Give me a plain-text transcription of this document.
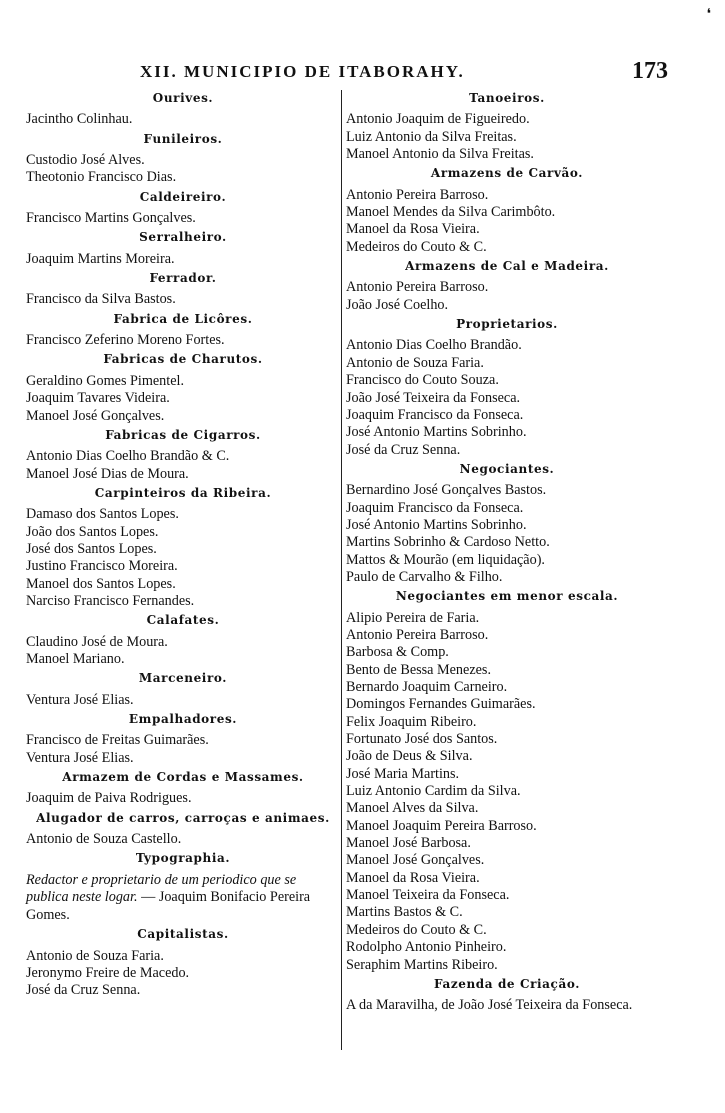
❛
XII. MUNICIPIO DE ITABORAHY.	173
Ourives.
Jacintho Colinhau.
Funileiros.
Custodio José Alves.
Theotonio Francisco Dias.
Caldeireiro.
Francisco Martins Gonçalves.
Serralheiro.
Joaquim Martins Moreira.
Ferrador.
Francisco da Silva Bastos.
Fabrica de Licôres.
Francisco Zeferino Moreno Fortes.
Fabricas de Charutos.
Geraldino Gomes Pimentel.
Joaquim Tavares Videira.
Manoel José Gonçalves.
Fabricas de Cigarros.
Antonio Dias Coelho Brandão & C.
Manoel José Dias de Moura.
Carpinteiros da Ribeira.
Damaso dos Santos Lopes.
João dos Santos Lopes.
José dos Santos Lopes.
Justino Francisco Moreira.
Manoel dos Santos Lopes.
Narciso Francisco Fernandes.
Calafates.
Claudino José de Moura.
Manoel Mariano.
Marceneiro.
Ventura José Elias.
Empalhadores.
Francisco de Freitas Guimarães.
Ventura José Elias.
Armazem de Cordas e Massames.
Joaquim de Paiva Rodrigues.
Alugador de carros, carroças e animaes.
Antonio de Souza Castello.
Typographia.
Redactor e proprietario de um periodico que se publica neste logar. — Joaquim Bonifacio Pereira Gomes.
Capitalistas.
Antonio de Souza Faria.
Jeronymo Freire de Macedo.
José da Cruz Senna.
Tanoeiros.
Antonio Joaquim de Figueiredo.
Luiz Antonio da Silva Freitas.
Manoel Antonio da Silva Freitas.
Armazens de Carvão.
Antonio Pereira Barroso.
Manoel Mendes da Silva Carimbôto.
Manoel da Rosa Vieira.
Medeiros do Couto & C.
Armazens de Cal e Madeira.
Antonio Pereira Barroso.
João José Coelho.
Proprietarios.
Antonio Dias Coelho Brandão.
Antonio de Souza Faria.
Francisco do Couto Souza.
João José Teixeira da Fonseca.
Joaquim Francisco da Fonseca.
José Antonio Martins Sobrinho.
José da Cruz Senna.
Negociantes.
Bernardino José Gonçalves Bastos.
Joaquim Francisco da Fonseca.
José Antonio Martins Sobrinho.
Martins Sobrinho & Cardoso Netto.
Mattos & Mourão (em liquidação).
Paulo de Carvalho & Filho.
Negociantes em menor escala.
Alipio Pereira de Faria.
Antonio Pereira Barroso.
Barbosa & Comp.
Bento de Bessa Menezes.
Bernardo Joaquim Carneiro.
Domingos Fernandes Guimarães.
Felix Joaquim Ribeiro.
Fortunato José dos Santos.
João de Deus & Silva.
José Maria Martins.
Luiz Antonio Cardim da Silva.
Manoel Alves da Silva.
Manoel Joaquim Pereira Barroso.
Manoel José Barbosa.
Manoel José Gonçalves.
Manoel da Rosa Vieira.
Manoel Teixeira da Fonseca.
Martins Bastos & C.
Medeiros do Couto & C.
Rodolpho Antonio Pinheiro.
Seraphim Martins Ribeiro.
Fazenda de Criação.
A da Maravilha, de João José Teixeira da Fonseca.
